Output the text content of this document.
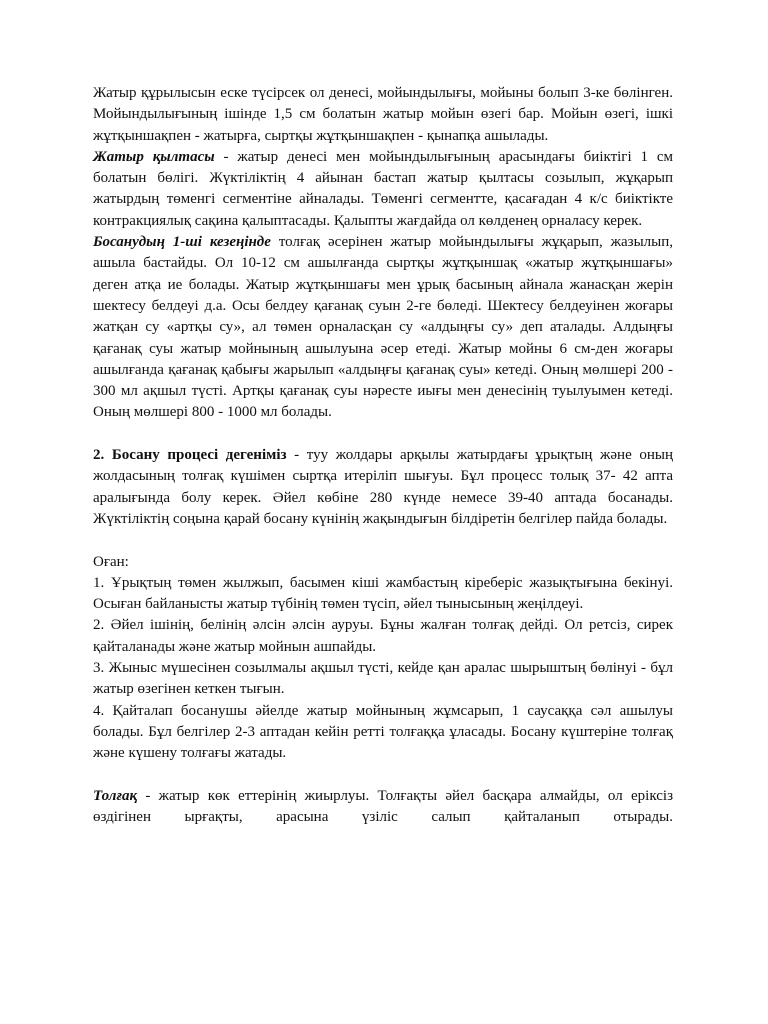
Жатыр құрылысын еске түсірсек ол денесі, мойындылығы, мойыны болып 3-ке бөлінген. Мойындылығының ішінде 1,5 см болатын жатыр мойын өзегі бар. Мойын өзегі, ішкі жұтқыншақпен - жатырға, сыртқы жұтқыншақпен - қынапқа ашылады.

Жатыр қылтасы - жатыр денесі мен мойындылығының арасындағы биіктігі 1 см болатын бөлігі. Жүктіліктің 4 айынан бастап жатыр қылтасы созылып, жұқарып жатырдың төменгі сегментіне айналады. Төменгі сегментте, қасағадан 4 к/с биіктікте контракциялық сақина қалыптасады. Қалыпты жағдайда ол көлденең орналасу керек.

Босанудың 1-ші кезеңінде толғақ әсерінен жатыр мойындылығы жұқарып, жазылып, ашыла бастайды. Ол 10-12 см ашылғанда сыртқы жұтқыншақ «жатыр жұтқыншағы» деген атқа ие болады. Жатыр жұтқыншағы мен ұрық басының айнала жанасқан жерін шектесу белдеуі д.а. Осы белдеу қағанақ суын 2-ге бөледі. Шектесу белдеуінен жоғары жатқан су «артқы су», ал төмен орналасқан су «алдыңғы су» деп аталады. Алдыңғы қағанақ суы жатыр мойнының ашылуына әсер етеді. Жатыр мойны 6 см-ден жоғары ашылғанда қағанақ қабығы жарылып «алдыңғы қағанақ суы» кетеді. Оның мөлшері 200 - 300 мл ақшыл түсті. Артқы қағанақ суы нәресте иығы мен денесінің туылуымен кетеді. Оның мөлшері 800 - 1000 мл болады.

2. Босану процесі дегеніміз - туу жолдары арқылы жатырдағы ұрықтың және оның жолдасының толғақ күшімен сыртқа итеріліп шығуы. Бұл процесс толық 37- 42 апта аралығында болу керек. Әйел көбіне 280 күнде немесе 39-40 аптада босанады. Жүктіліктің соңына қарай босану күнінің жақындығын білдіретін белгілер пайда болады.

Оған:

1. Ұрықтың төмен жылжып, басымен кіші жамбастың кіреберіс жазықтығына бекінуі. Осыған байланысты жатыр түбінің төмен түсіп, әйел тынысының жеңілдеуі.

2. Әйел ішінің, белінің әлсін әлсін ауруы. Бұны жалған толғақ дейді. Ол ретсіз, сирек қайталанады және жатыр мойнын ашпайды.

3. Жыныс мүшесінен созылмалы ақшыл түсті, кейде қан аралас шырыштың бөлінуі - бұл жатыр өзегінен кеткен тығын.

4. Қайталап босанушы әйелде жатыр мойнының жұмсарып, 1 саусаққа сәл ашылуы болады. Бұл белгілер 2-3 аптадан кейін ретті толғаққа ұласады. Босану күштеріне толғақ және күшену толғағы жатады.

Толғақ - жатыр көк еттерінің жиырлуы. Толғақты әйел басқара алмайды, ол еріксіз өздігінен ырғақты, арасына үзіліс салып қайталанып отырады.
